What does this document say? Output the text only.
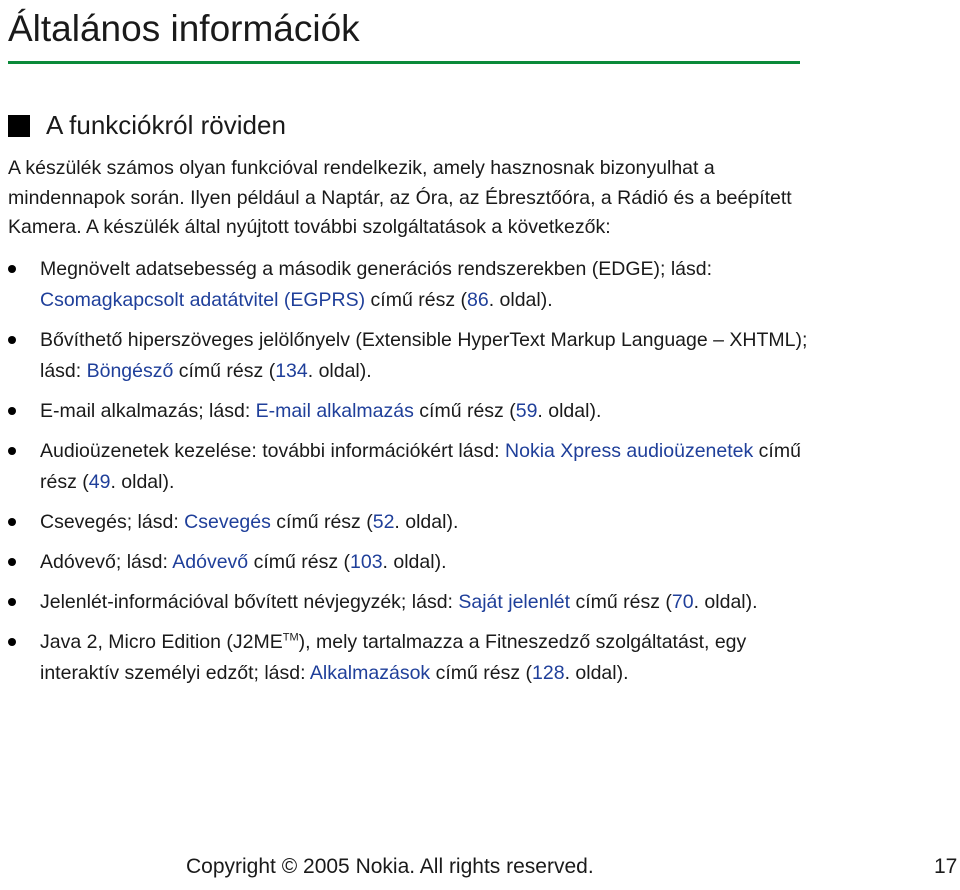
Általános információk
A funkciókról röviden

A készülék számos olyan funkcióval rendelkezik, amely hasznosnak bizonyulhat a mindennapok során. Ilyen például a Naptár, az Óra, az Ébresztőóra, a Rádió és a beépített Kamera. A készülék által nyújtott további szolgáltatások a következők:

Megnövelt adatsebesség a második generációs rendszerekben (EDGE); lásd: Csomagkapcsolt adatátvitel (EGPRS) című rész (86. oldal).
Bővíthető hiperszöveges jelölőnyelv (Extensible HyperText Markup Language – XHTML); lásd: Böngésző című rész (134. oldal).
E-mail alkalmazás; lásd: E-mail alkalmazás című rész (59. oldal).
Audioüzenetek kezelése: további információkért lásd: Nokia Xpress audioüzenetek című rész (49. oldal).
Csevegés; lásd: Csevegés című rész (52. oldal).
Adóvevő; lásd: Adóvevő című rész (103. oldal).
Jelenlét-információval bővített névjegyzék; lásd: Saját jelenlét című rész (70. oldal).
Java 2, Micro Edition (J2ME™), mely tartalmazza a Fitneszedző szolgáltatást, egy interaktív személyi edzőt; lásd: Alkalmazások című rész (128. oldal).
Copyright © 2005 Nokia. All rights reserved.	17
